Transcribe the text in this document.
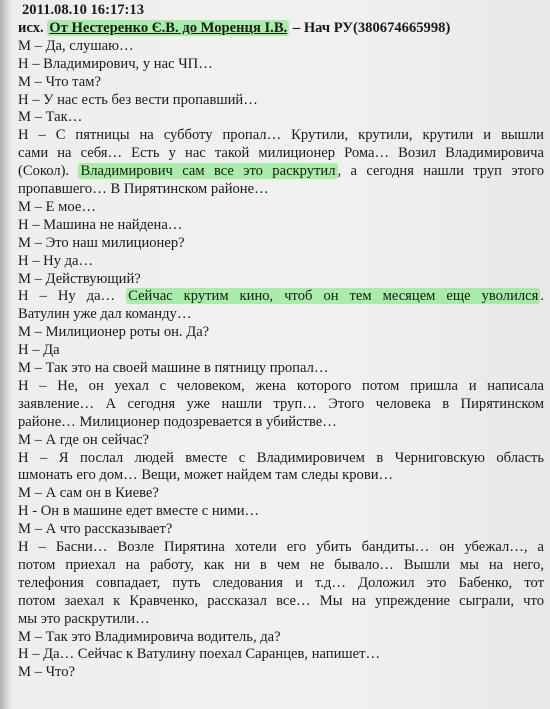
2011.08.10 16:17:13
исх. От Нестеренко Є.В. до Моренця І.В. – Нач РУ(380674665998)
М – Да, слушаю…
Н – Владимирович, у нас ЧП…
М – Что там?
Н – У нас есть без вести пропавший…
М – Так…
Н – С пятницы на субботу пропал… Крутили, крутили, крутили и вышли
сами на себя… Есть у нас такой милиционер Рома… Возил Владимировича
(Сокол). Владимирович сам все это раскрутил , а сегодня нашли труп этого
пропавшего… В Пирятинском районе…
М – Е мое…
Н – Машина не найдена…
М – Это наш милиционер?
Н – Ну да…
М – Действующий?
Н – Ну да… Сейчас крутим кино, чтоб он тем месяцем еще уволился .
Ватулин уже дал команду…
М – Милиционер роты он. Да?
Н – Да
М – Так это на своей машине в пятницу пропал…
Н – Не, он уехал с человеком, жена которого потом пришла и написала
заявление… А сегодня уже нашли труп… Этого человека в Пирятинском
районе… Милиционер подозревается в убийстве…
М – А где он сейчас?
Н – Я послал людей вместе с Владимировичем в Черниговскую область
шмонать его дом… Вещи, может найдем там следы крови…
М – А сам он в Киеве?
Н - Он в машине едет вместе с ними…
М – А что рассказывает?
Н – Басни… Возле Пирятина хотели его убить бандиты… он убежал…, а
потом приехал на работу, как ни в чем не бывало… Вышли мы на него,
телефония совпадает, путь следования и т.д… Доложил это Бабенко, тот
потом заехал к Кравченко, рассказал все… Мы на упреждение сыграли, что
мы это раскрутили…
М – Так это Владимировича водитель, да?
Н – Да… Сейчас к Ватулину поехал Саранцев, напишет…
М – Что?
